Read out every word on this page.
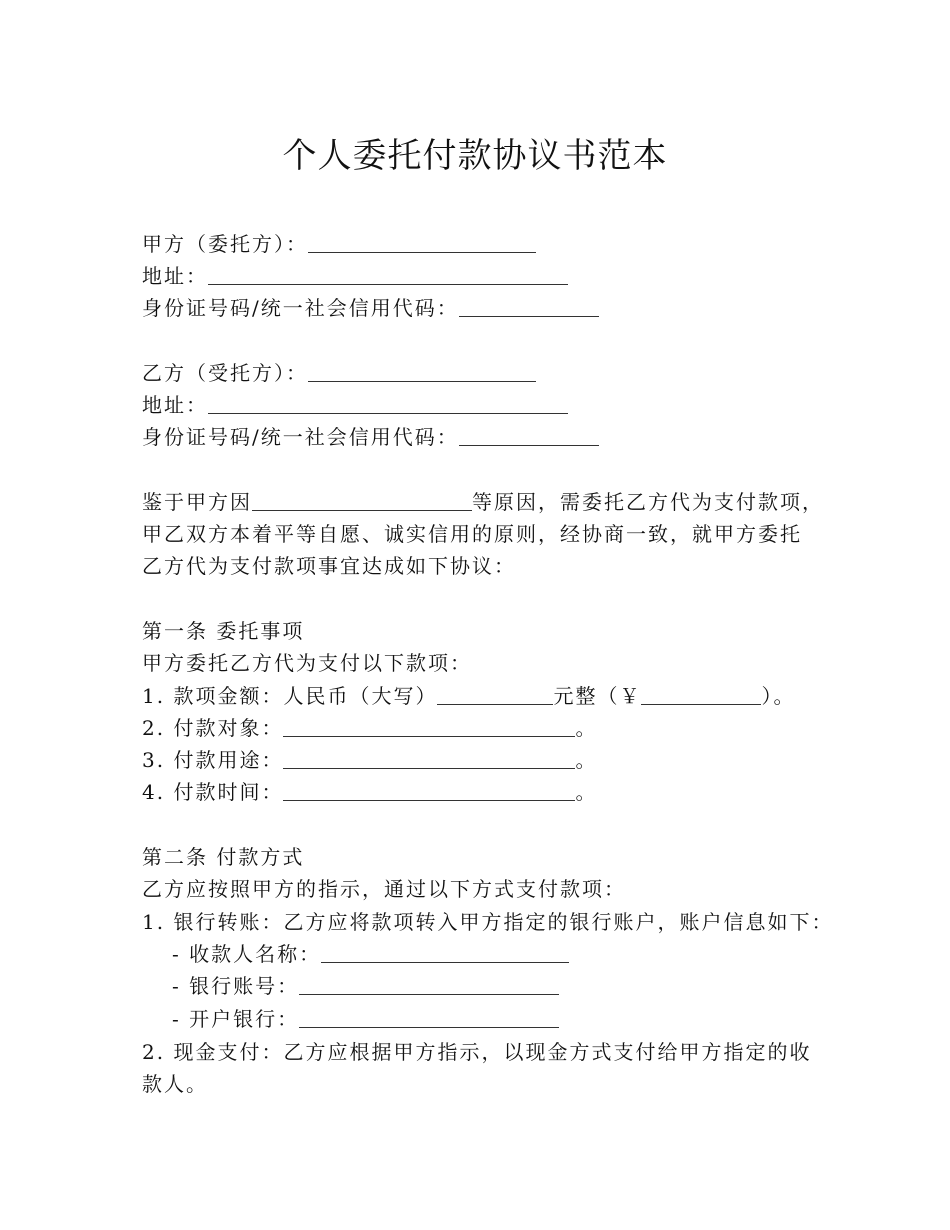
个人委托付款协议书范本
甲方（委托方）：
地址：
身份证号码/统一社会信用代码：
乙方（受托方）：
地址：
身份证号码/统一社会信用代码：
鉴于甲方因	等原因，需委托乙方代为支付款项，
甲乙双方本着平等自愿、诚实信用的原则，经协商一致，就甲方委托
乙方代为支付款项事宜达成如下协议：
第一条 委托事项
甲方委托乙方代为支付以下款项：
1. 款项金额：人民币（大写）	元整（￥	）。
2. 付款对象：	。
3. 付款用途：	。
4. 付款时间：	。
第二条 付款方式
乙方应按照甲方的指示，通过以下方式支付款项：
1. 银行转账：乙方应将款项转入甲方指定的银行账户，账户信息如下：
- 收款人名称：
- 银行账号：
- 开户银行：
2. 现金支付：乙方应根据甲方指示，以现金方式支付给甲方指定的收
款人。
